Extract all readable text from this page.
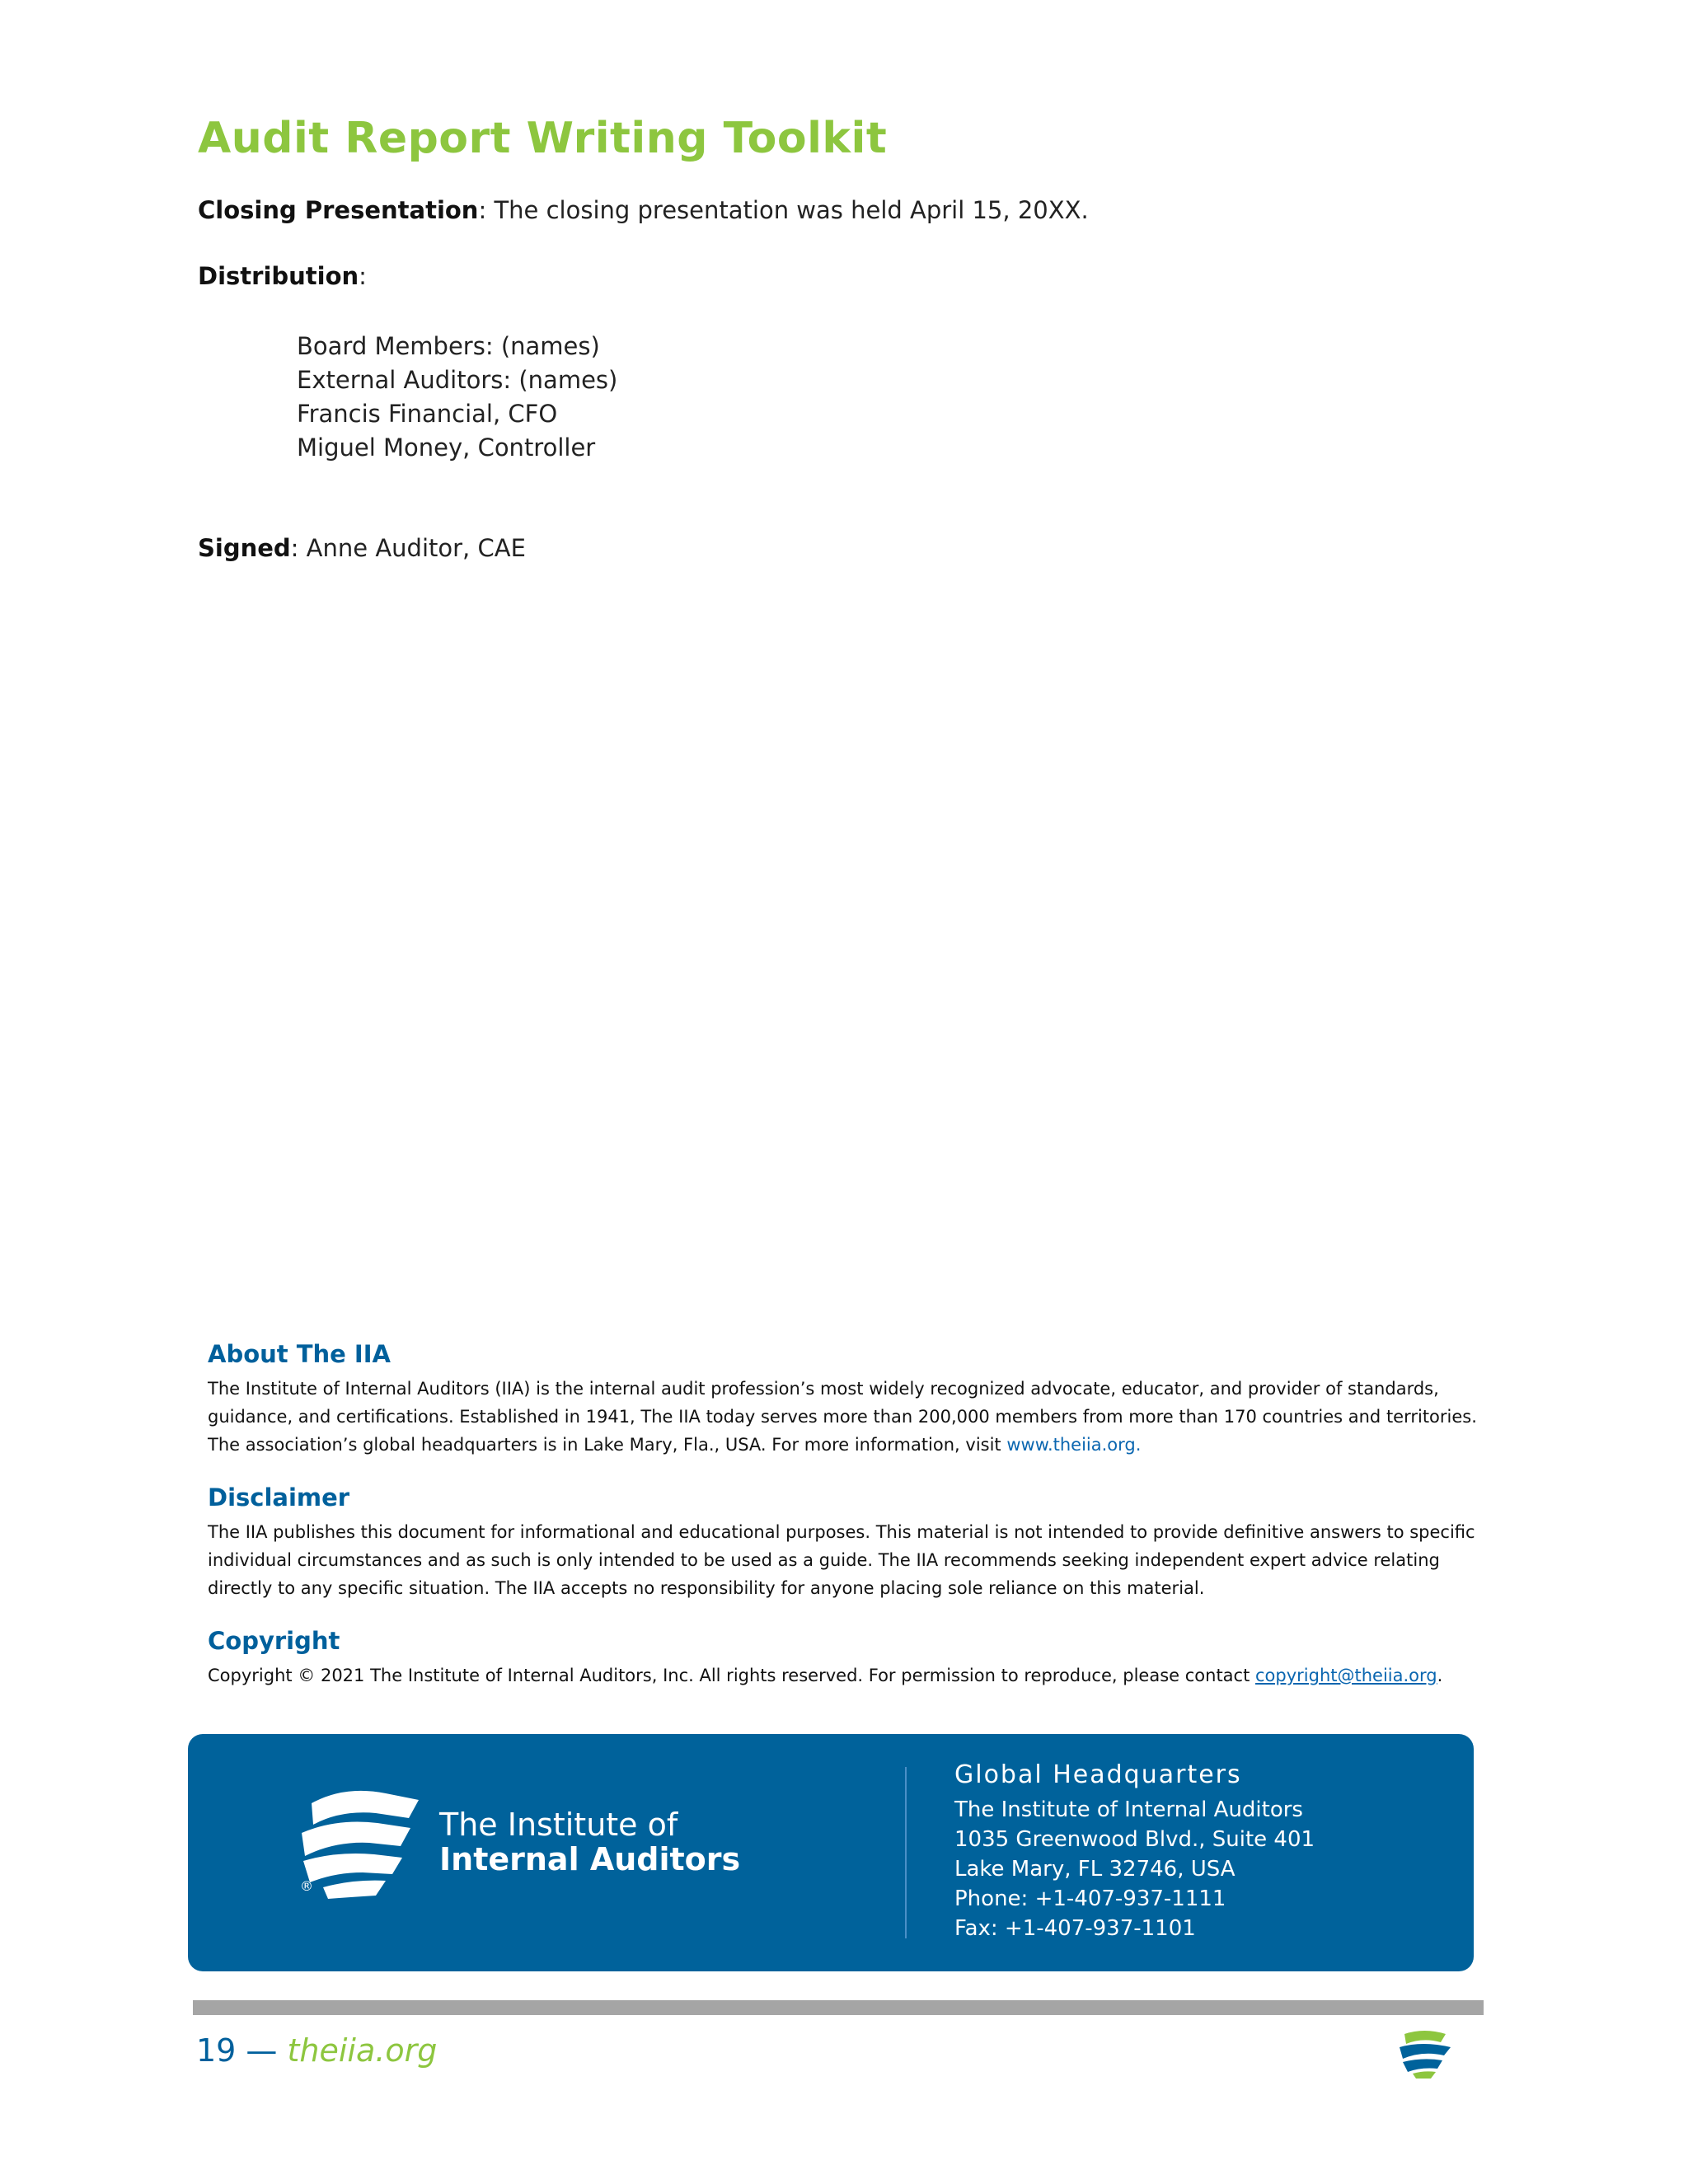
Audit Report Writing Toolkit
Closing Presentation: The closing presentation was held April 15, 20XX.
Distribution:
Board Members: (names)
External Auditors: (names)
Francis Financial, CFO
Miguel Money, Controller
Signed: Anne Auditor, CAE
About The IIA
The Institute of Internal Auditors (IIA) is the internal audit profession’s most widely recognized advocate, educator, and provider of standards, guidance, and certifications. Established in 1941, The IIA today serves more than 200,000 members from more than 170 countries and territories. The association’s global headquarters is in Lake Mary, Fla., USA. For more information, visit www.theiia.org.
Disclaimer
The IIA publishes this document for informational and educational purposes. This material is not intended to provide definitive answers to specific individual circumstances and as such is only intended to be used as a guide. The IIA recommends seeking independent expert advice relating directly to any specific situation. The IIA accepts no responsibility for anyone placing sole reliance on this material.
Copyright
Copyright © 2021 The Institute of Internal Auditors, Inc. All rights reserved. For permission to reproduce, please contact copyright@theiia.org.
®
The Institute of
Internal Auditors
Global Headquarters
The Institute of Internal Auditors
1035 Greenwood Blvd., Suite 401
Lake Mary, FL 32746, USA
Phone: +1-407-937-1111
Fax: +1-407-937-1101
19 — theiia.org
